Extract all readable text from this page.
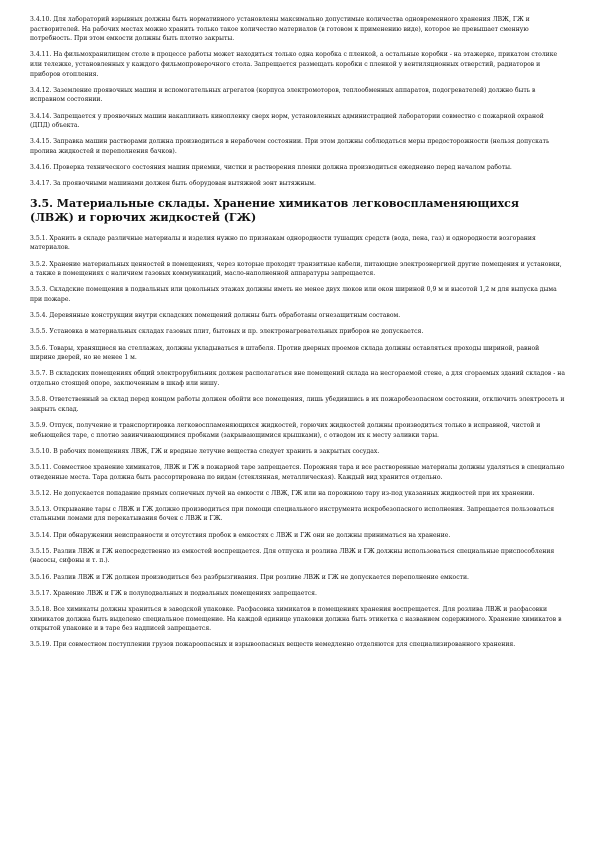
3.4.10. Для лабораторий взрывных должны быть нормативного установлены максимально допустимые количества одновременного хранения ЛВЖ, ГЖ и растворителей. На рабочих местах можно хранить только такое количество материалов (в готовом к применению виде), которое не превышает сменную потребность. При этом емкости должны быть плотно закрыты.

3.4.11. На фильмохранилищем столе в процессе работы может находиться только одна коробка с пленкой, а остальные коробки - на этажерке, прикатом столике или тележке, установленных у каждого фильмопроверочного стола. Запрещается размещать коробки с пленкой у вентиляционных отверстий, радиаторов и приборов отопления.

3.4.12. Заземление проявочных машин и вспомогательных агрегатов (корпуса электромоторов, теплообменных аппаратов, подогревателей) должно быть в исправном состоянии.

3.4.14. Запрещается у проявочных машин накапливать кинопленку сверх норм, установленных администрацией лаборатории совместно с пожарной охраной (ДПД) объекта.

3.4.15. Заправка машин растворами должна производиться в нерабочем состоянии. При этом должны соблюдаться меры предосторожности (нельзя допускать пролива жидкостей и переполнения бачков).

3.4.16. Проверка технического состояния машин приемки, чистки и растворения пленки должна производиться ежедневно перед началом работы.

3.4.17. За проявочными машинами должен быть оборудован вытяжной зонт вытяжным.

3.5. Материальные склады. Хранение химикатов легковоспламеняющихся (ЛВЖ) и горючих жидкостей (ГЖ)

3.5.1. Хранить в складе различные материалы и изделия нужно по признакам однородности тушащих средств (вода, пена, газ) и однородности возгорания материалов.

3.5.2. Хранение материальных ценностей в помещениях, через которые проходят транзитные кабели, питающие электроэнергией другие помещения и установки, а также в помещениях с наличием газовых коммуникаций, масло-наполненной аппаратуры запрещается.

3.5.3. Складские помещения в подвальных или цокольных этажах должны иметь не менее двух люков или окон шириной 0,9 м и высотой 1,2 м для выпуска дыма при пожаре.

3.5.4. Деревянные конструкции внутри складских помещений должны быть обработаны огнезащитным составом.

3.5.5. Установка в материальных складах газовых плит, бытовых и пр. электронагревательных приборов не допускается.

3.5.6. Товары, хранящиеся на стеллажах, должны укладываться в штабеля. Против дверных проемов склада должны оставляться проходы шириной, равной ширине дверей, но не менее 1 м.

3.5.7. В складских помещениях общий электрорубильник должен располагаться вне помещений склада на несгораемой стене, а для сгораемых зданий складов - на отдельно стоящей опоре, заключенным в шкаф или нишу.

3.5.8. Ответственный за склад перед концом работы должен обойти все помещения, лишь убедившись в их пожаробезопасном состоянии, отключить электросеть и закрыть склад.

3.5.9. Отпуск, получение и транспортировка легковоспламеняющихся жидкостей, горючих жидкостей должны производиться только в исправной, чистой и небьющейся таре, с плотно завинчивающимися пробками (закрывающимися крышками), с отводом их к месту заливки тары.

3.5.10. В рабочих помещениях ЛВЖ, ГЖ и вредные летучие вещества следует хранить в закрытых сосудах.

3.5.11. Совместное хранение химикатов, ЛВЖ и ГЖ в пожарной таре запрещается. Порожняя тара и все растворенные материалы должны удаляться в специально отведенные места. Тара должна быть рассортирована по видам (стеклянная, металлическая). Каждый вид хранится отдельно.

3.5.12. Не допускается попадание прямых солнечных лучей на емкости с ЛВЖ, ГЖ или на порожнюю тару из-под указанных жидкостей при их хранении.

3.5.13. Открывание тары с ЛВЖ и ГЖ должно производиться при помощи специального инструмента искробезопасного исполнения. Запрещается пользоваться стальными ломами для перекатывания бочек с ЛВЖ и ГЖ.

3.5.14. При обнаружении неисправности и отсутствия пробок в емкостях с ЛВЖ и ГЖ они не должны приниматься на хранение.

3.5.15. Разлив ЛВЖ и ГЖ непосредственно из емкостей воспрещается. Для отпуска и розлива ЛВЖ и ГЖ должны использоваться специальные приспособления (насосы, сифоны и т. п.).

3.5.16. Разлив ЛВЖ и ГЖ должен производиться без разбрызгивания. При розливе ЛВЖ и ГЖ не допускается переполнение емкости.

3.5.17. Хранение ЛВЖ и ГЖ в полуподвальных и подвальных помещениях запрещается.

3.5.18. Все химикаты должны храниться в заводской упаковке. Расфасовка химикатов в помещениях хранения воспрещается. Для розлива ЛВЖ и расфасовки химикатов должна быть выделено специальное помещение. На каждой единице упаковки должна быть этикетка с названием содержимого. Хранение химикатов в открытой упаковке и в таре без надписей запрещается.

3.5.19. При совместном поступлении грузов пожароопасных и взрывоопасных веществ немедленно отделяются для специализированного хранения.
